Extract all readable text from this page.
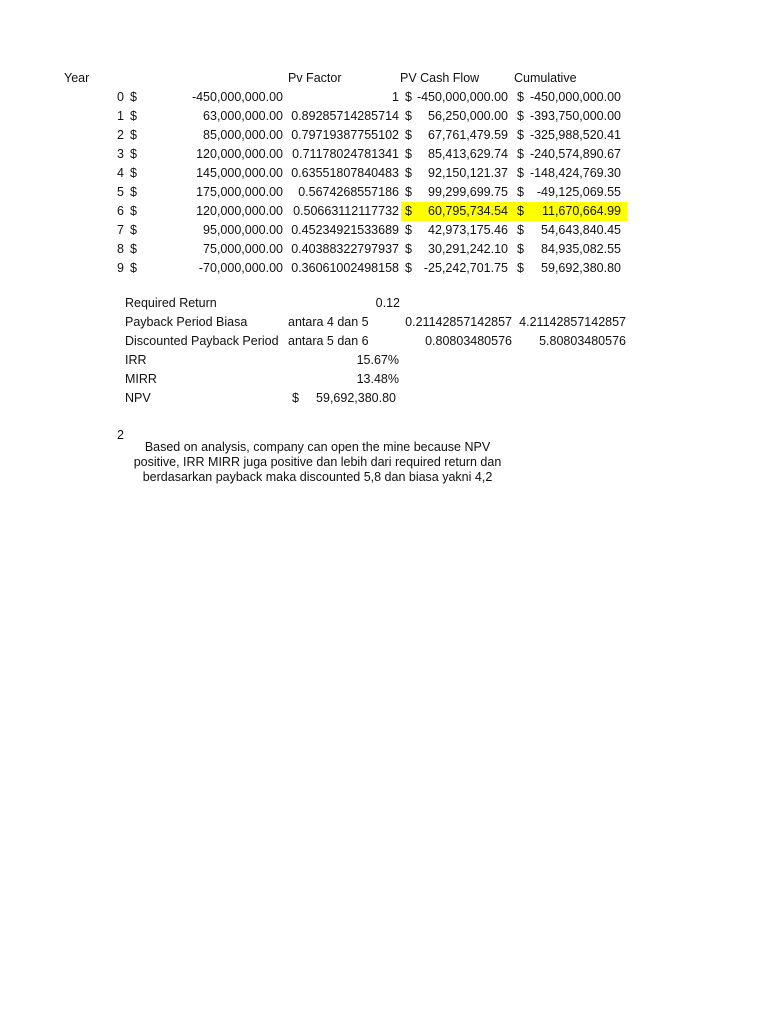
Year	Pv Factor	PV Cash Flow	Cumulative
0 $	-450,000,000.00	1 $ -450,000,000.00 $ -450,000,000.00
1 $	63,000,000.00 0.89285714285714 $	56,250,000.00 $ -393,750,000.00
2 $	85,000,000.00 0.79719387755102 $	67,761,479.59 $ -325,988,520.41
3 $	120,000,000.00 0.71178024781341 $	85,413,629.74 $ -240,574,890.67
4 $	145,000,000.00 0.63551807840483 $	92,150,121.37 $ -148,424,769.30
5 $	175,000,000.00	0.5674268557186 $	99,299,699.75 $	-49,125,069.55
6 $	120,000,000.00 0.50663112117732 $	60,795,734.54 $	11,670,664.99
7 $	95,000,000.00 0.45234921533689 $	42,973,175.46 $	54,643,840.45
8 $	75,000,000.00 0.40388322797937 $	30,291,242.10 $	84,935,082.55
9 $	-70,000,000.00 0.36061002498158 $ -25,242,701.75 $	59,692,380.80
Required Return	0.12
Payback Period Biasa	antara 4 dan 5	0.21142857142857 4.21142857142857
Discounted Payback Period antara 5 dan 6	0.80803480576	5.80803480576
IRR	15.67%
MIRR	13.48%
NPV	$	59,692,380.80
2
Based on analysis, company can open the mine because NPV
positive, IRR MIRR juga positive dan lebih dari required return dan
berdasarkan payback maka discounted 5,8 dan biasa yakni 4,2
